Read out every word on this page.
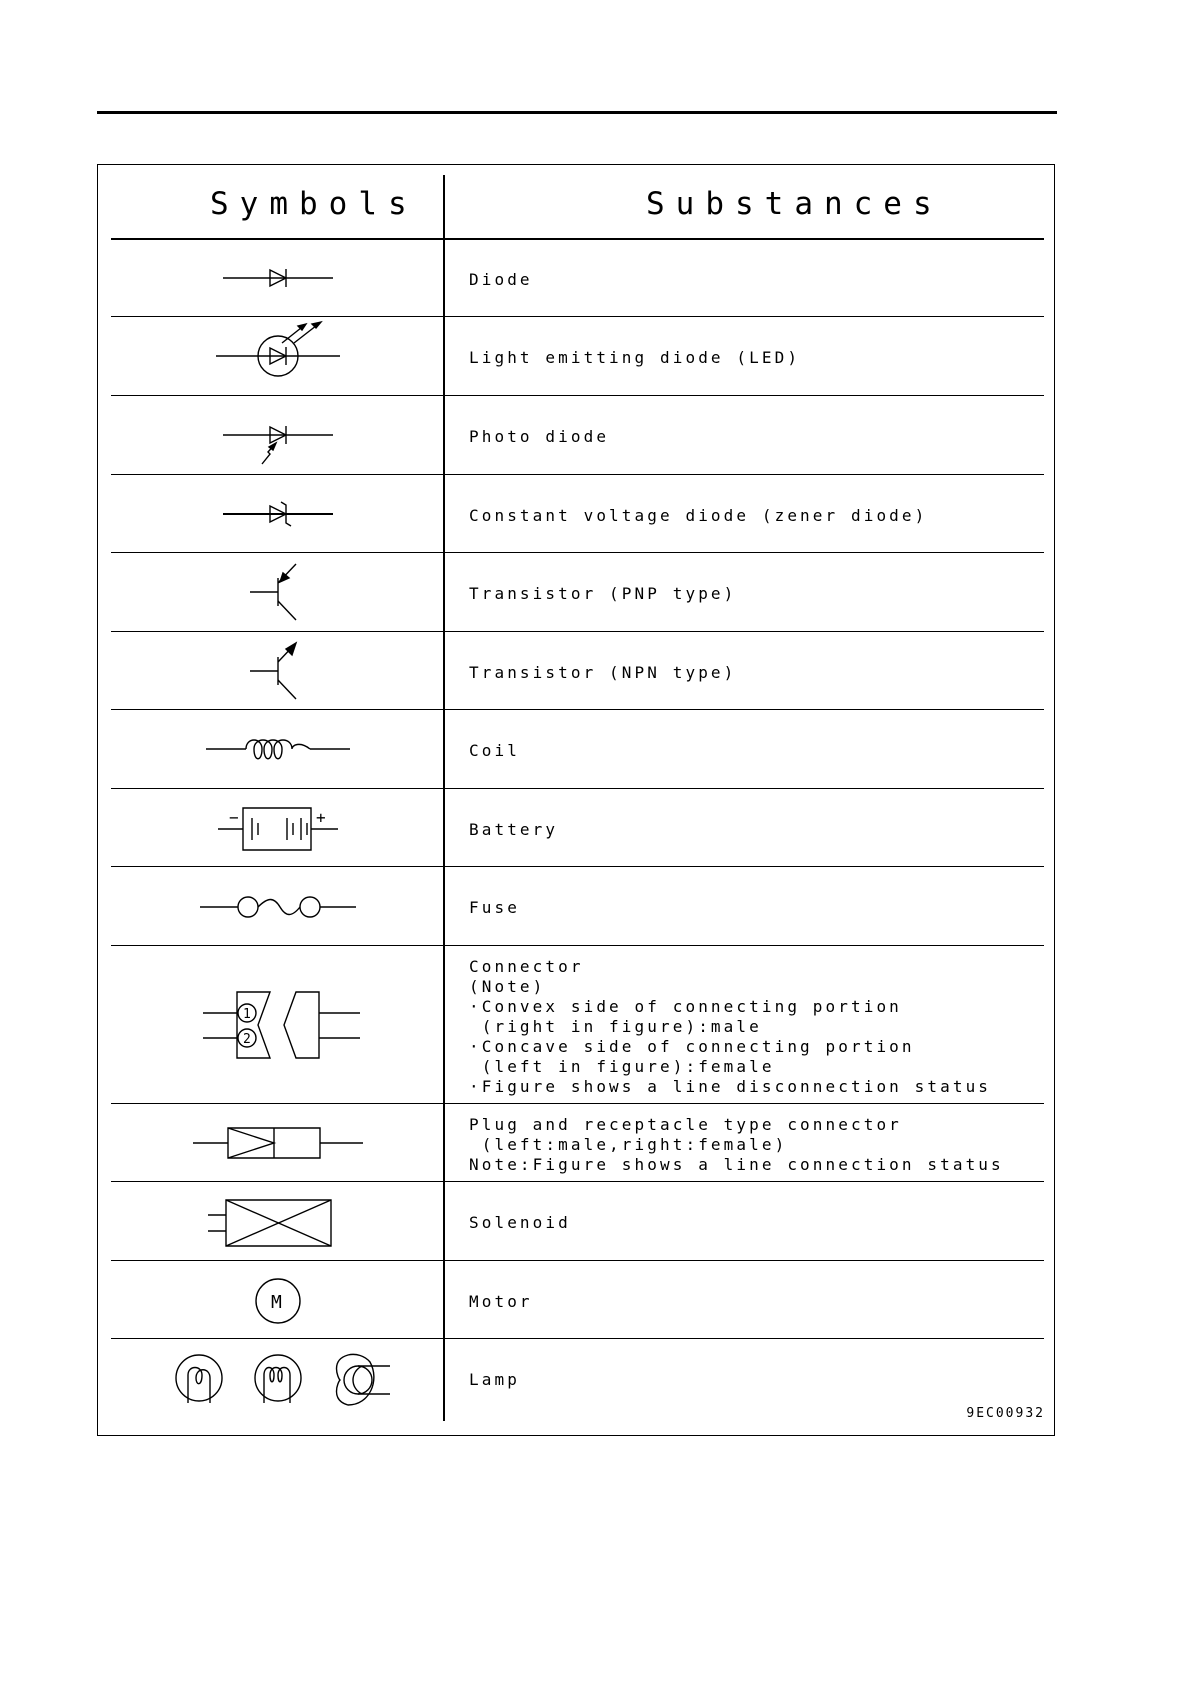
Symbols	Substances
Diode
Light emitting diode (LED)
Photo diode
Constant voltage diode (zener diode)
Transistor (PNP type)
Transistor (NPN type)
Coil
Battery
Fuse
Connector
(Note)
·Convex side of connecting portion
(right in figure):male
·Concave side of connecting portion
(left in figure):female
·Figure shows a line disconnection status
Plug and receptacle type connector
(left:male,right:female)
Note:Figure shows a line connection status
Solenoid
Motor
Lamp
9EC00932
−	+
1
2
M
